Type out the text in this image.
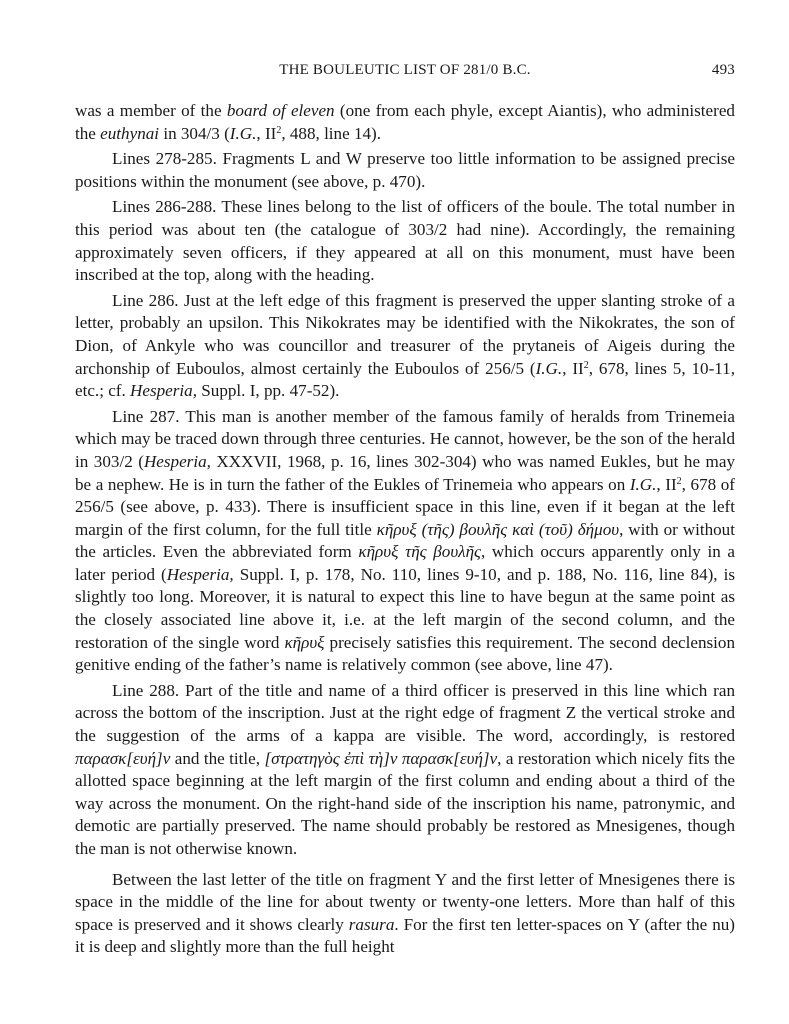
THE BOULEUTIC LIST OF 281/0 B.C.	493

was a member of the board of eleven (one from each phyle, except Aiantis), who administered the euthynai in 304/3 (I.G., $II^2$, 488, line 14).

Lines 278-285. Fragments L and W preserve too little information to be assigned precise positions within the monument (see above, p. 470).

Lines 286-288. These lines belong to the list of officers of the boule. The total number in this period was about ten (the catalogue of 303/2 had nine). Accordingly, the remaining approximately seven officers, if they appeared at all on this monument, must have been inscribed at the top, along with the heading.

Line 286. Just at the left edge of this fragment is preserved the upper slanting stroke of a letter, probably an upsilon. This Nikokrates may be identified with the Nikokrates, the son of Dion, of Ankyle who was councillor and treasurer of the prytaneis of Aigeis during the archonship of Euboulos, almost certainly the Euboulos of 256/5 (I.G., $II^2$, 678, lines 5, 10-11, etc.; cf. Hesperia, Suppl. I, pp. 47-52).

Line 287. This man is another member of the famous family of heralds from Trinemeia which may be traced down through three centuries. He cannot, however, be the son of the herald in 303/2 (Hesperia, XXXVII, 1968, p. 16, lines 302-304) who was named Eukles, but he may be a nephew. He is in turn the father of the Eukles of Trinemeia who appears on I.G., $II^2$, 678 of 256/5 (see above, p. 433). There is insufficient space in this line, even if it began at the left margin of the first column, for the full title κῆρυξ (τῆς) βουλῆς καὶ (τοῦ) δήμου, with or without the articles. Even the abbreviated form κῆρυξ τῆς βουλῆς, which occurs apparently only in a later period (Hesperia, Suppl. I, p. 178, No. 110, lines 9-10, and p. 188, No. 116, line 84), is slightly too long. Moreover, it is natural to expect this line to have begun at the same point as the closely associated line above it, i.e. at the left margin of the second column, and the restoration of the single word κῆρυξ precisely satisfies this requirement. The second declension genitive ending of the father’s name is relatively common (see above, line 47).

Line 288. Part of the title and name of a third officer is preserved in this line which ran across the bottom of the inscription. Just at the right edge of fragment Z the vertical stroke and the suggestion of the arms of a kappa are visible. The word, accordingly, is restored παρασκ[ευή]ν and the title, [στρατηγὸς ἐπὶ τὴ]ν παρασκ[ευή]ν, a restoration which nicely fits the allotted space beginning at the left margin of the first column and ending about a third of the way across the monument. On the right-hand side of the inscription his name, patronymic, and demotic are partially preserved. The name should probably be restored as Mnesigenes, though the man is not otherwise known.

Between the last letter of the title on fragment Y and the first letter of Mnesigenes there is space in the middle of the line for about twenty or twenty-one letters. More than half of this space is preserved and it shows clearly rasura. For the first ten letter-spaces on Y (after the nu) it is deep and slightly more than the full height
